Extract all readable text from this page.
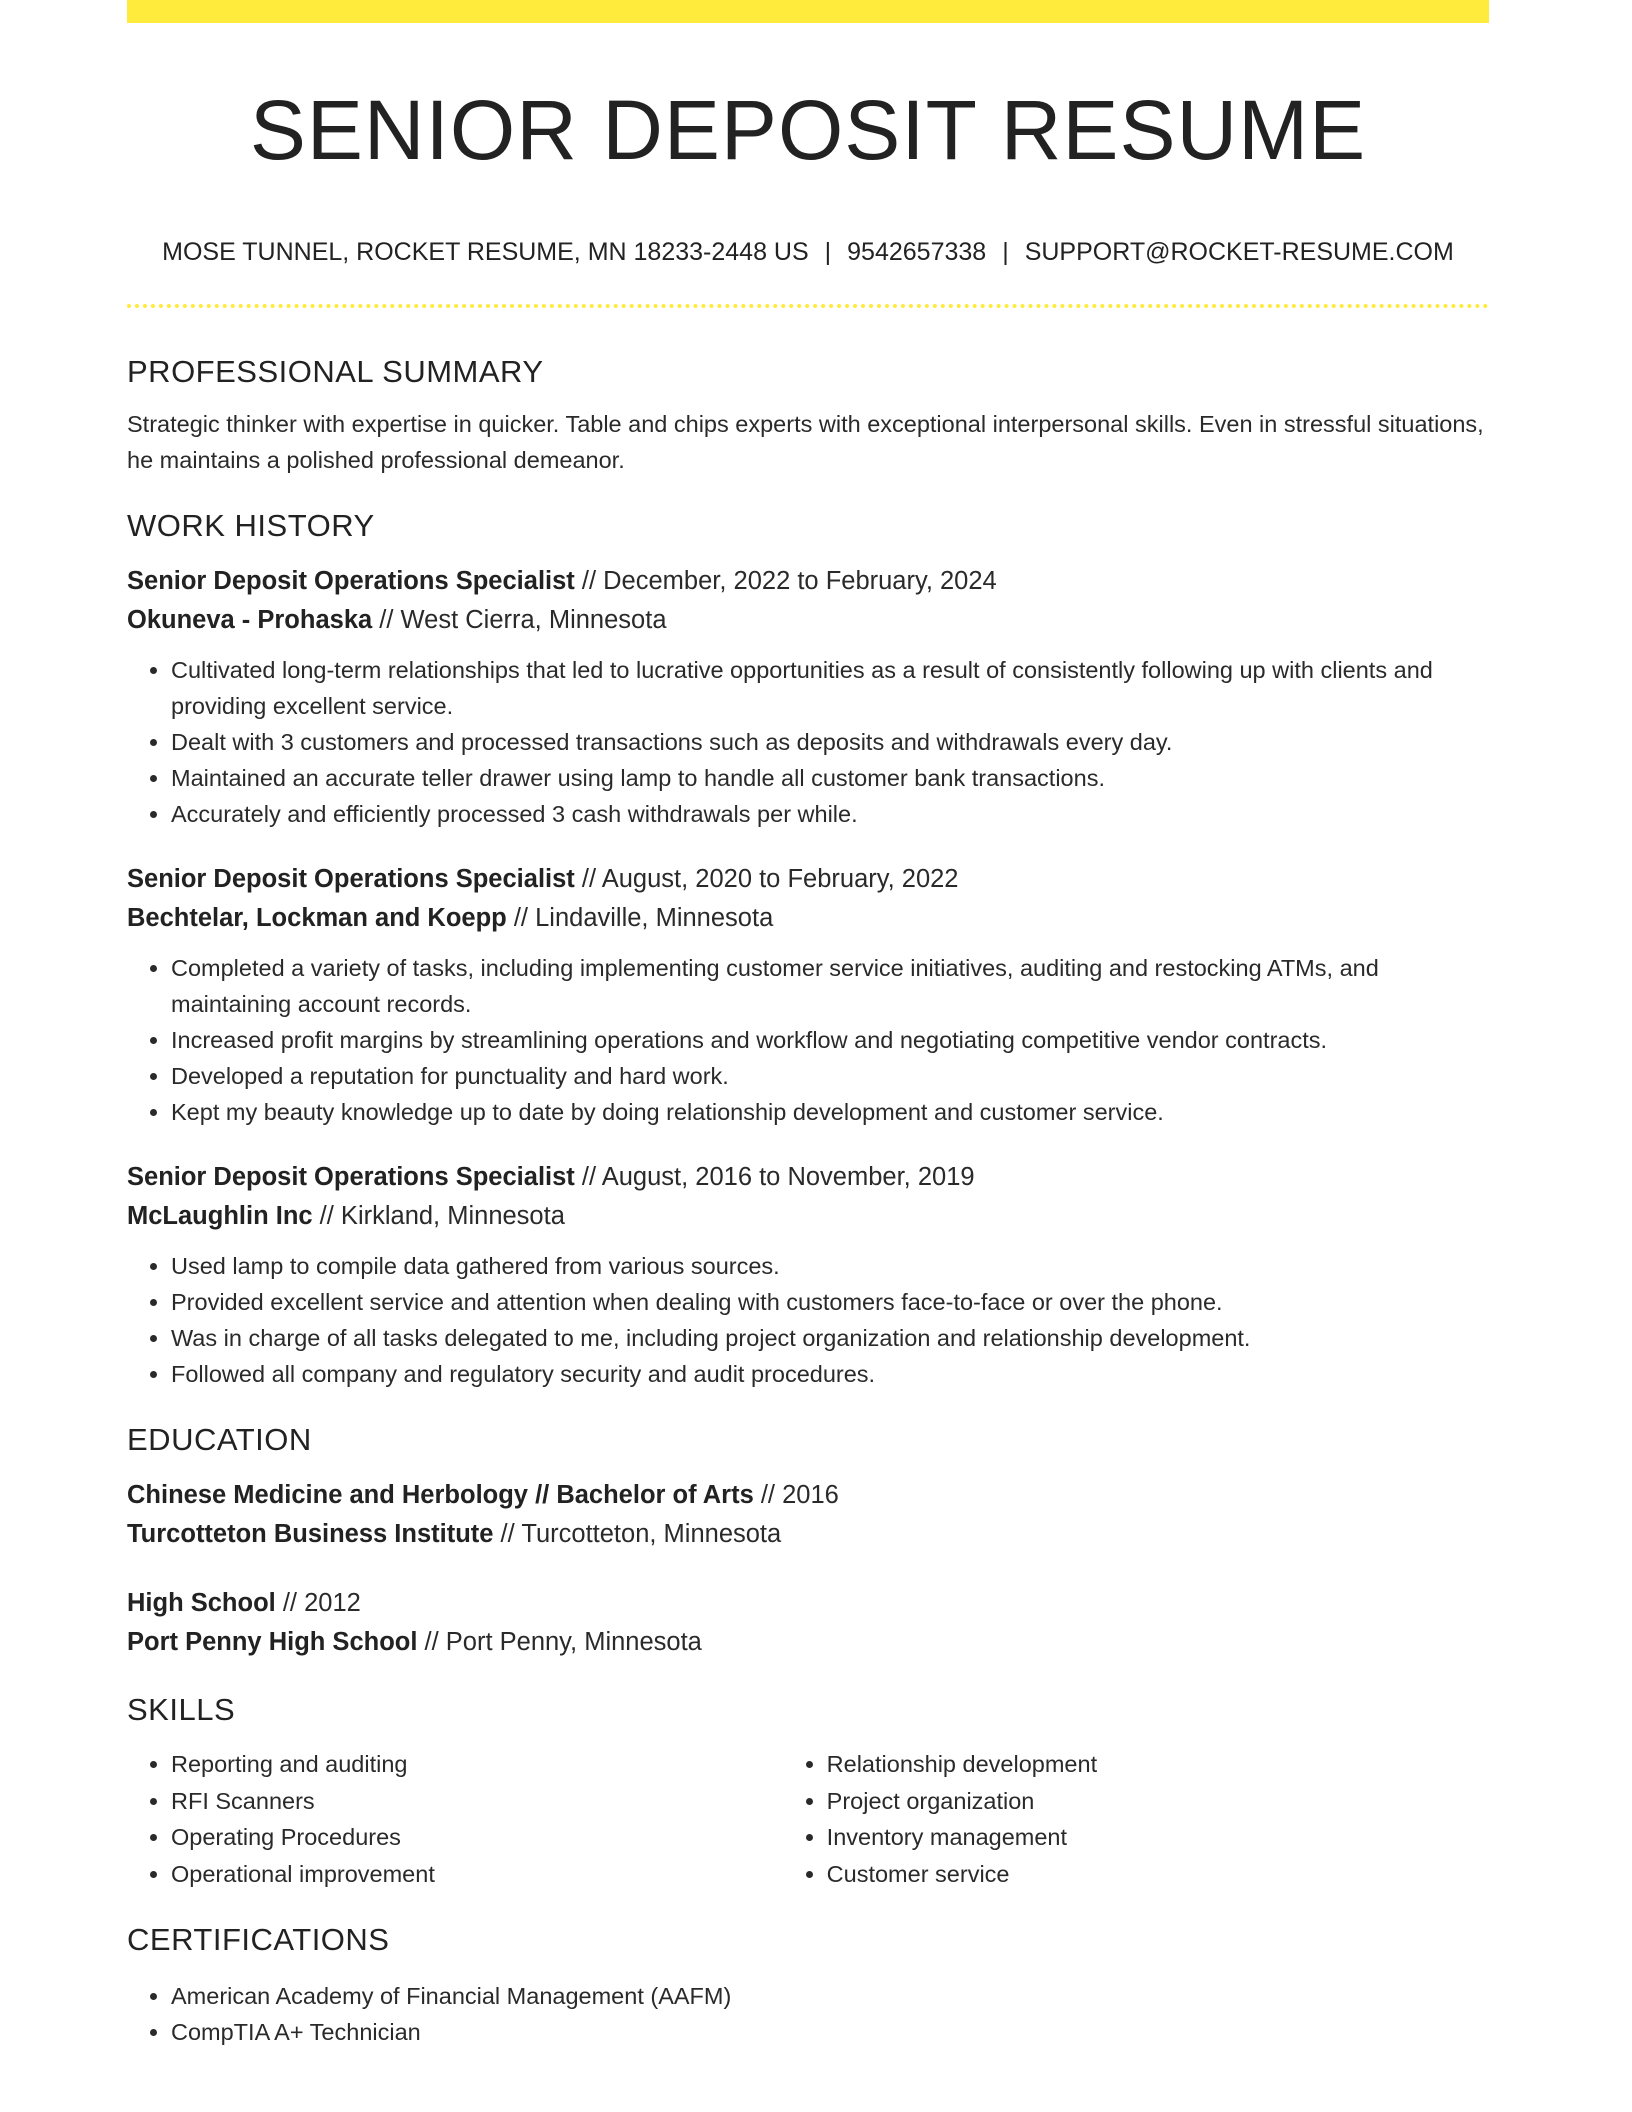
SENIOR DEPOSIT RESUME
MOSE TUNNEL, ROCKET RESUME, MN 18233-2448 US | 9542657338 | SUPPORT@ROCKET-RESUME.COM
PROFESSIONAL SUMMARY

Strategic thinker with expertise in quicker. Table and chips experts with exceptional interpersonal skills. Even in stressful situations, he maintains a polished professional demeanor.

WORK HISTORY
Senior Deposit Operations Specialist // December, 2022 to February, 2024
Okuneva - Prohaska // West Cierra, Minnesota
• Cultivated long-term relationships that led to lucrative opportunities as a result of consistently following up with clients and providing excellent service.
• Dealt with 3 customers and processed transactions such as deposits and withdrawals every day.
• Maintained an accurate teller drawer using lamp to handle all customer bank transactions.
• Accurately and efficiently processed 3 cash withdrawals per while.
Senior Deposit Operations Specialist // August, 2020 to February, 2022
Bechtelar, Lockman and Koepp // Lindaville, Minnesota
• Completed a variety of tasks, including implementing customer service initiatives, auditing and restocking ATMs, and maintaining account records.
• Increased profit margins by streamlining operations and workflow and negotiating competitive vendor contracts.
• Developed a reputation for punctuality and hard work.
• Kept my beauty knowledge up to date by doing relationship development and customer service.
Senior Deposit Operations Specialist // August, 2016 to November, 2019
McLaughlin Inc // Kirkland, Minnesota
• Used lamp to compile data gathered from various sources.
• Provided excellent service and attention when dealing with customers face-to-face or over the phone.
• Was in charge of all tasks delegated to me, including project organization and relationship development.
• Followed all company and regulatory security and audit procedures.
EDUCATION
Chinese Medicine and Herbology // Bachelor of Arts // 2016
Turcotteton Business Institute // Turcotteton, Minnesota
High School // 2012
Port Penny High School // Port Penny, Minnesota
SKILLS
• Reporting and auditing
• RFI Scanners
• Operating Procedures
• Operational improvement
• Relationship development
• Project organization
• Inventory management
• Customer service
CERTIFICATIONS
• American Academy of Financial Management (AAFM)
• CompTIA A+ Technician
